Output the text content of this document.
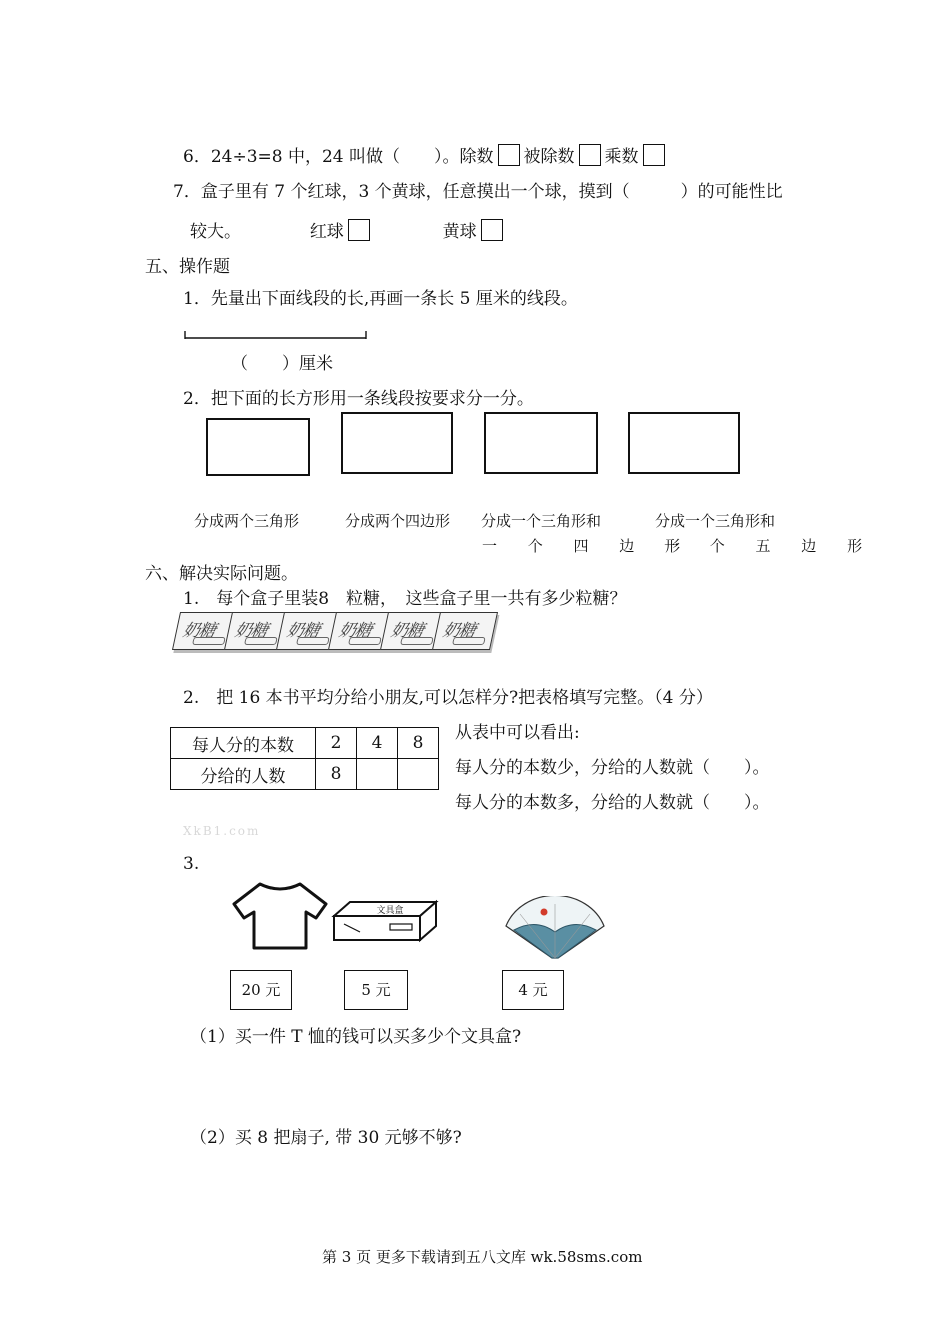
6．24÷3=8 中，24 叫做（　　）。除数 被除数 乘数
7．盒子里有 7 个红球，3 个黄球，任意摸出一个球，摸到（　　　）的可能性比
较大。	红球	黄球
五、操作题
1．先量出下面线段的长,再画一条长 5 厘米的线段。
（　　）厘米
2．把下面的长方形用一条线段按要求分一分。
分成两个三角形	分成两个四边形 分成一个三角形和	分成一个三角形和
一 个 四 边 形
一 个 五 边 形
六、解决实际问题。
1.　每个盒子里装8　粒糖，　这些盒子里一共有多少粒糖？
奶糖 奶糖 奶糖 奶糖 奶糖 奶糖
2.　把 16 本书平均分给小朋友,可以怎样分?把表格填写完整。（4 分）
每人分的本数	2	4	8
分给的人数	8		
从表中可以看出:
每人分的本数少，分给的人数就（　　）。
每人分的本数多，分给的人数就（　　）。
XkB1.com
3.
文具盒
20 元	5 元	4 元
（1）买一件 T 恤的钱可以买多少个文具盒?
（2）买 8 把扇子, 带 30 元够不够?
第 3 页 更多下载请到五八文库 wk.58sms.com
